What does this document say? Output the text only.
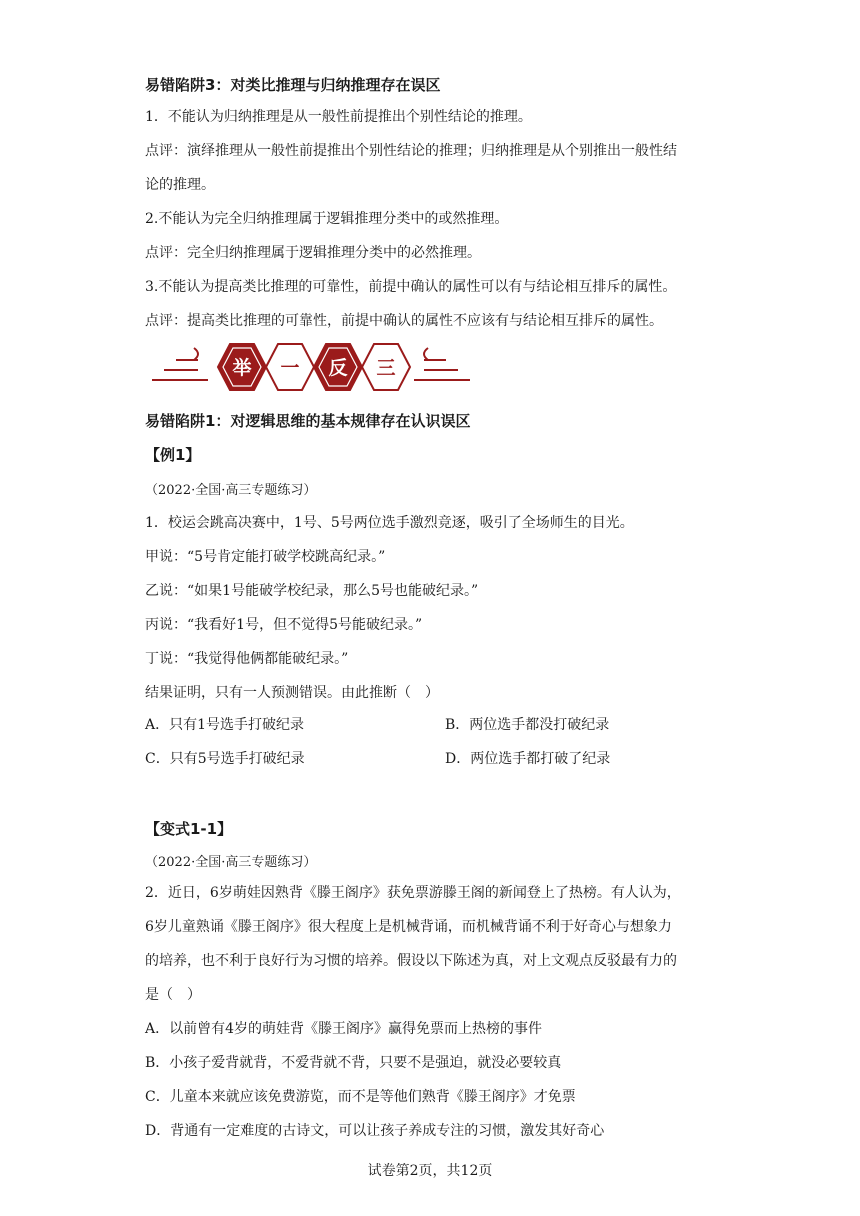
易错陷阱3：对类比推理与归纳推理存在误区
1．不能认为归纳推理是从一般性前提推出个别性结论的推理。
点评：演绎推理从一般性前提推出个别性结论的推理；归纳推理是从个别推出一般性结
论的推理。
2.不能认为完全归纳推理属于逻辑推理分类中的或然推理。
点评：完全归纳推理属于逻辑推理分类中的必然推理。
3.不能认为提高类比推理的可靠性，前提中确认的属性可以有与结论相互排斥的属性。
点评：提高类比推理的可靠性，前提中确认的属性不应该有与结论相互排斥的属性。
举 一 反 三
易错陷阱1：对逻辑思维的基本规律存在认识误区
【例1】
（2022·全国·高三专题练习）
1．校运会跳高决赛中，1号、5号两位选手激烈竞逐，吸引了全场师生的目光。
甲说：“5号肯定能打破学校跳高纪录。”
乙说：“如果1号能破学校纪录，那么5号也能破纪录。”
丙说：“我看好1号，但不觉得5号能破纪录。”
丁说：“我觉得他俩都能破纪录。”
结果证明，只有一人预测错误。由此推断（　）
A．只有1号选手打破纪录	B．两位选手都没打破纪录
C．只有5号选手打破纪录	D．两位选手都打破了纪录
【变式1-1】
（2022·全国·高三专题练习）
2．近日，6岁萌娃因熟背《滕王阁序》获免票游滕王阁的新闻登上了热榜。有人认为，
6岁儿童熟诵《滕王阁序》很大程度上是机械背诵，而机械背诵不利于好奇心与想象力
的培养，也不利于良好行为习惯的培养。假设以下陈述为真，对上文观点反驳最有力的
是（　）
A．以前曾有4岁的萌娃背《滕王阁序》赢得免票而上热榜的事件
B．小孩子爱背就背，不爱背就不背，只要不是强迫，就没必要较真
C．儿童本来就应该免费游览，而不是等他们熟背《滕王阁序》才免票
D．背通有一定难度的古诗文，可以让孩子养成专注的习惯，激发其好奇心
试卷第2页，共12页
